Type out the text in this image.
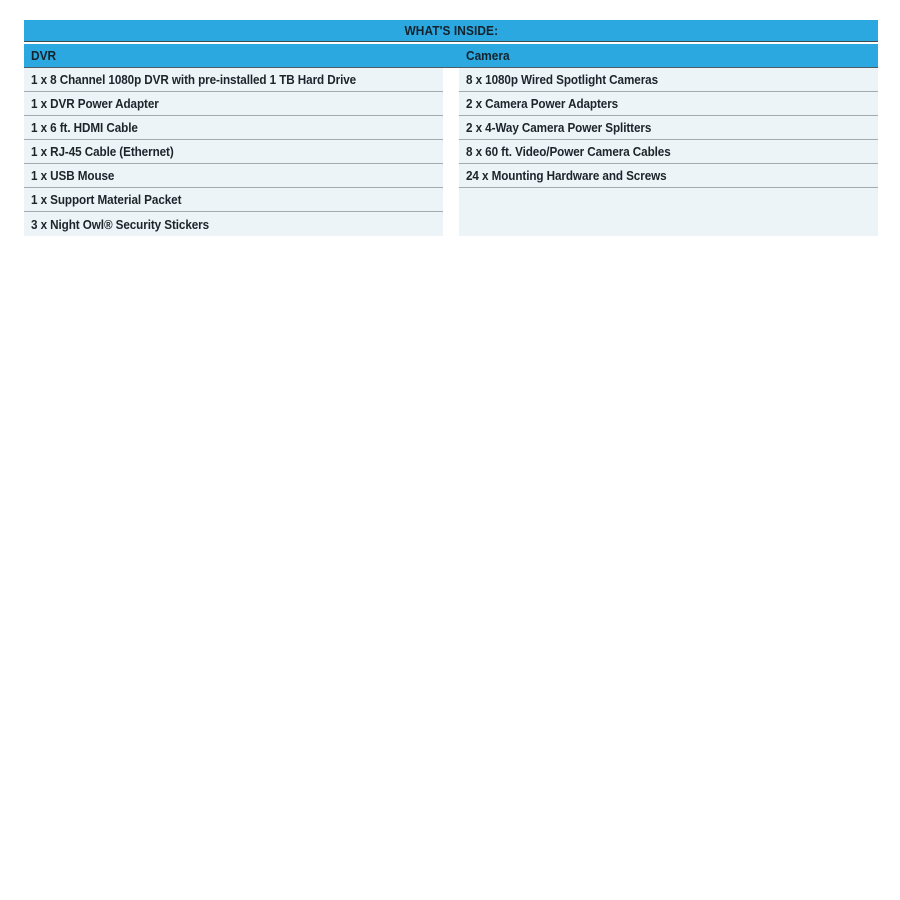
WHAT'S INSIDE:
DVR	Camera
1 x 8 Channel 1080p DVR with pre-installed 1 TB Hard Drive
1 x DVR Power Adapter
1 x 6 ft. HDMI Cable
1 x RJ-45 Cable (Ethernet)
1 x USB Mouse
1 x Support Material Packet
3 x Night Owl® Security Stickers
8 x 1080p Wired Spotlight Cameras
2 x Camera Power Adapters
2 x 4-Way Camera Power Splitters
8 x 60 ft. Video/Power Camera Cables
24 x Mounting Hardware and Screws
